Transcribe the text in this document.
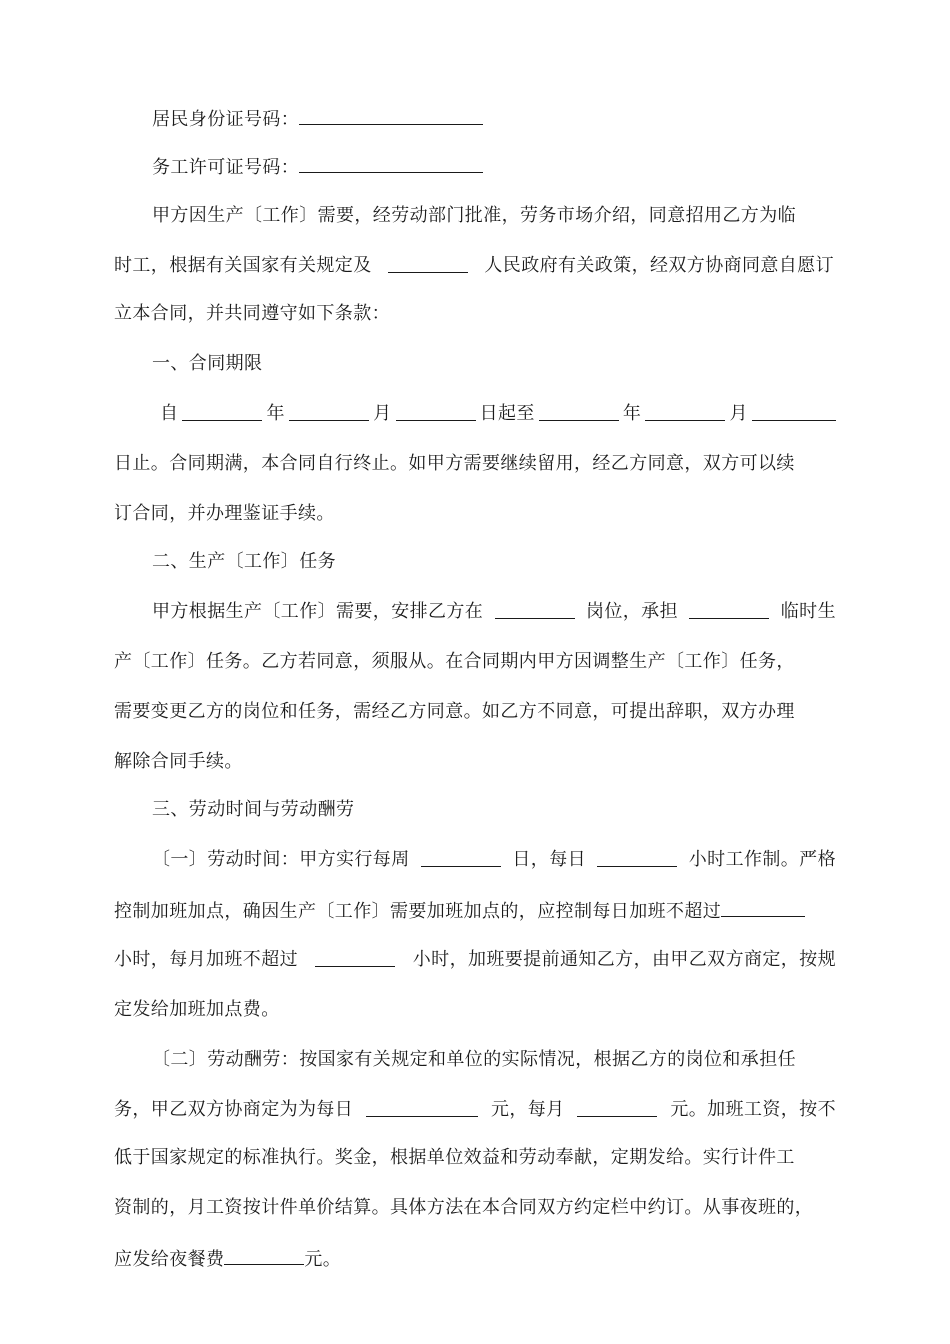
居民身份证号码：
务工许可证号码：
甲方因生产〔工作〕需要，经劳动部门批准，劳务市场介绍，同意招用乙方为临
时工，根据有关国家有关规定及	人民政府有关政策，经双方协商同意自愿订
立本合同，并共同遵守如下条款：
一、合同期限
自	年	月	日起至	年	月
日止。合同期满，本合同自行终止。如甲方需要继续留用，经乙方同意，双方可以续
订合同，并办理鉴证手续。
二、生产〔工作〕任务
甲方根据生产〔工作〕需要，安排乙方在	岗位，承担	临时生
产〔工作〕任务。乙方若同意，须服从。在合同期内甲方因调整生产〔工作〕任务，
需要变更乙方的岗位和任务，需经乙方同意。如乙方不同意，可提出辞职，双方办理
解除合同手续。
三、劳动时间与劳动酬劳
〔一〕劳动时间：甲方实行每周	日，每日	小时工作制。严格
控制加班加点，确因生产〔工作〕需要加班加点的，应控制每日加班不超过
小时，每月加班不超过	小时，加班要提前通知乙方，由甲乙双方商定，按规
定发给加班加点费。
〔二〕劳动酬劳：按国家有关规定和单位的实际情况，根据乙方的岗位和承担任
务，甲乙双方协商定为为每日	元，每月	元。加班工资，按不
低于国家规定的标准执行。奖金，根据单位效益和劳动奉献，定期发给。实行计件工
资制的，月工资按计件单价结算。具体方法在本合同双方约定栏中约订。从事夜班的，
应发给夜餐费	元。
